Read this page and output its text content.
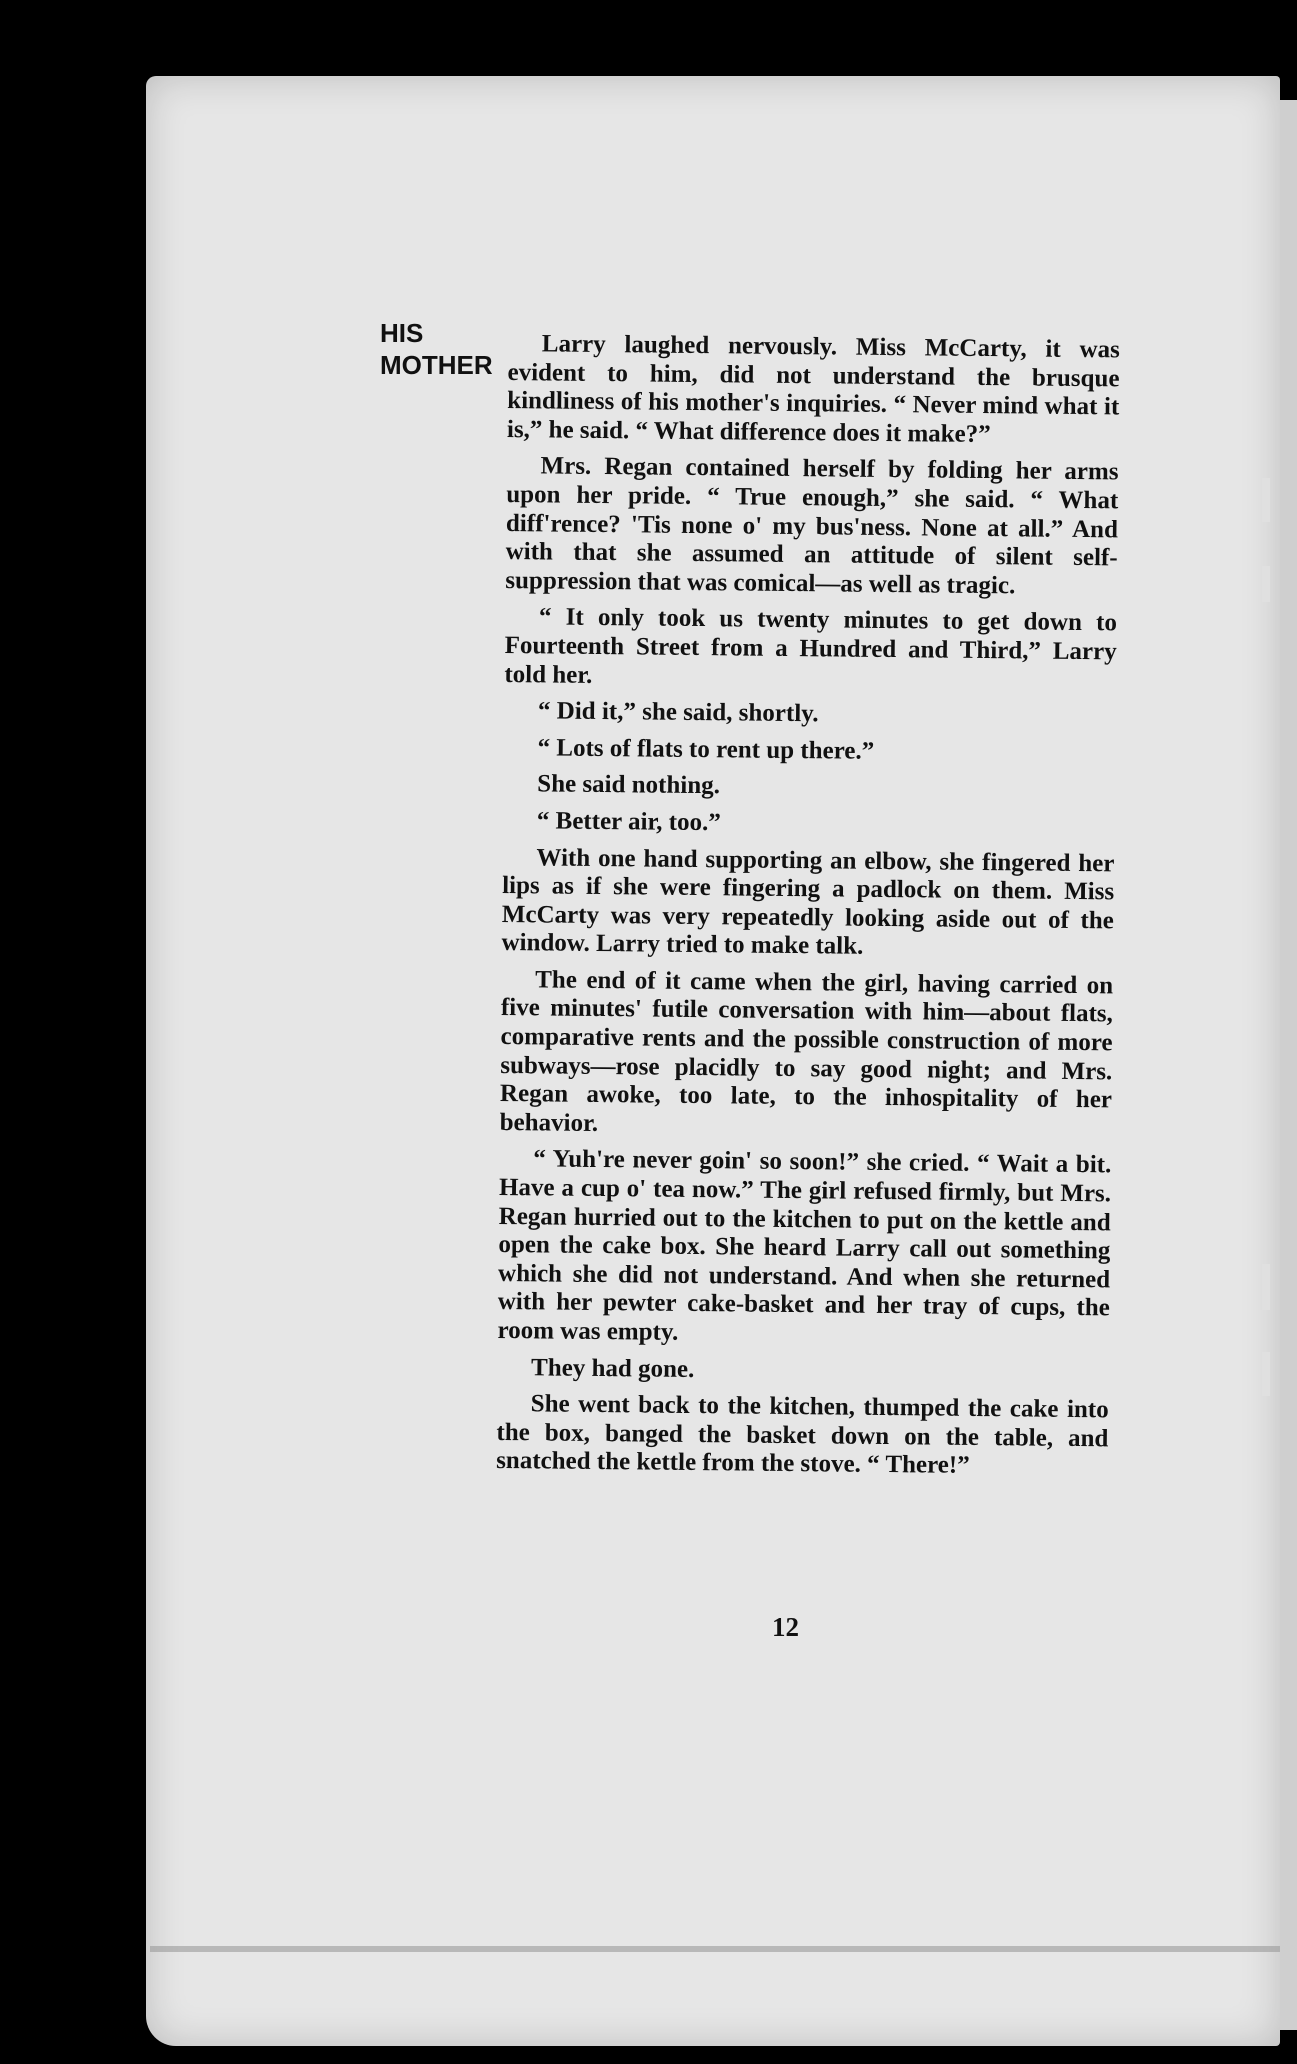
HIS
MOTHER

Larry laughed nervously. Miss McCarty, it was evident to him, did not understand the brusque kindliness of his mother's inquiries. “ Never mind what it is,” he said. “ What difference does it make?”

Mrs. Regan contained herself by folding her arms upon her pride. “ True enough,” she said. “ What diff'rence? 'Tis none o' my bus'ness. None at all.” And with that she assumed an attitude of silent self-suppression that was comical—as well as tragic.

“ It only took us twenty minutes to get down to Fourteenth Street from a Hundred and Third,” Larry told her.

“ Did it,” she said, shortly.

“ Lots of flats to rent up there.”

She said nothing.

“ Better air, too.”

With one hand supporting an elbow, she fingered her lips as if she were fingering a padlock on them. Miss McCarty was very repeatedly looking aside out of the window. Larry tried to make talk.

The end of it came when the girl, having carried on five minutes' futile conversation with him—about flats, comparative rents and the possible construction of more subways—rose placidly to say good night; and Mrs. Regan awoke, too late, to the inhospitality of her behavior.

“ Yuh're never goin' so soon!” she cried. “ Wait a bit. Have a cup o' tea now.” The girl refused firmly, but Mrs. Regan hurried out to the kitchen to put on the kettle and open the cake box. She heard Larry call out something which she did not understand. And when she returned with her pewter cake-basket and her tray of cups, the room was empty.

They had gone.

She went back to the kitchen, thumped the cake into the box, banged the basket down on the table, and snatched the kettle from the stove. “ There!”

12
